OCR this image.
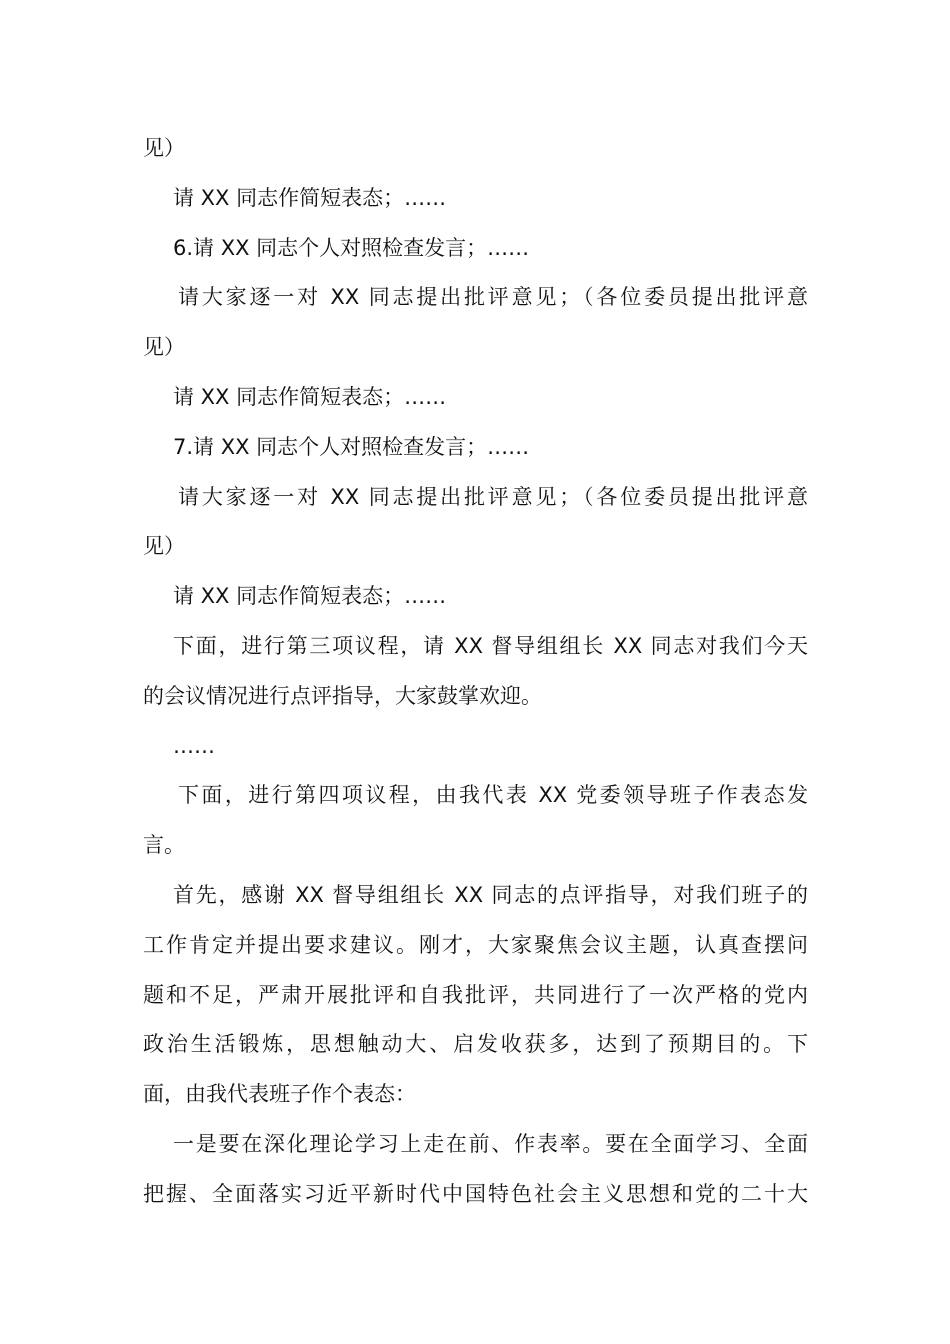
见）
请 XX 同志作简短表态；……
6.请 XX 同志个人对照检查发言；……
请大家逐一对 XX 同志提出批评意见；（各位委员提出批评意
见）
请 XX 同志作简短表态；……
7.请 XX 同志个人对照检查发言；……
请大家逐一对 XX 同志提出批评意见；（各位委员提出批评意
见）
请 XX 同志作简短表态；……
下面，进行第三项议程，请 XX 督导组组长 XX 同志对我们今天
的会议情况进行点评指导，大家鼓掌欢迎。
……
下面，进行第四项议程，由我代表 XX 党委领导班子作表态发
言。
首先，感谢 XX 督导组组长 XX 同志的点评指导，对我们班子的
工作肯定并提出要求建议。刚才，大家聚焦会议主题，认真查摆问
题和不足，严肃开展批评和自我批评，共同进行了一次严格的党内
政治生活锻炼，思想触动大、启发收获多，达到了预期目的。下
面，由我代表班子作个表态：
一是要在深化理论学习上走在前、作表率。要在全面学习、全面
把握、全面落实习近平新时代中国特色社会主义思想和党的二十大
